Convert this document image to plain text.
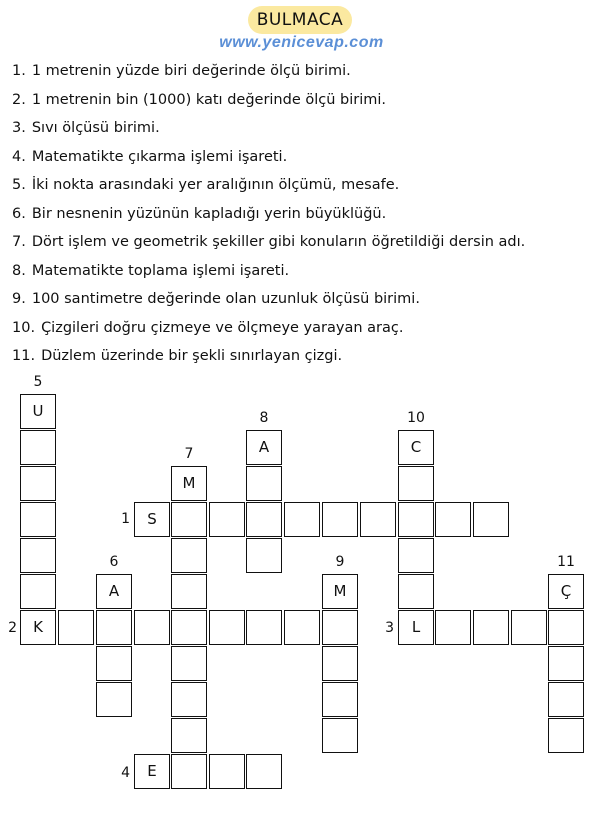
BULMACA
www.yenicevap.com
1. 1 metrenin yüzde biri değerinde ölçü birimi.
2. 1 metrenin bin (1000) katı değerinde ölçü birimi.
3. Sıvı ölçüsü birimi.
4. Matematikte çıkarma işlemi işareti.
5. İki nokta arasındaki yer aralığının ölçümü, mesafe.
6. Bir nesnenin yüzünün kapladığı yerin büyüklüğü.
7. Dört işlem ve geometrik şekiller gibi konuların öğretildiği dersin adı.
8. Matematikte toplama işlemi işareti.
9. 100 santimetre değerinde olan uzunluk ölçüsü birimi.
10. Çizgileri doğru çizmeye ve ölçmeye yarayan araç.
11. Düzlem üzerinde bir şekli sınırlayan çizgi.
5
8	10
7
1
6	9	11
2	3
4
U
K
A	C
M
S
A	M	Ç
L
E
